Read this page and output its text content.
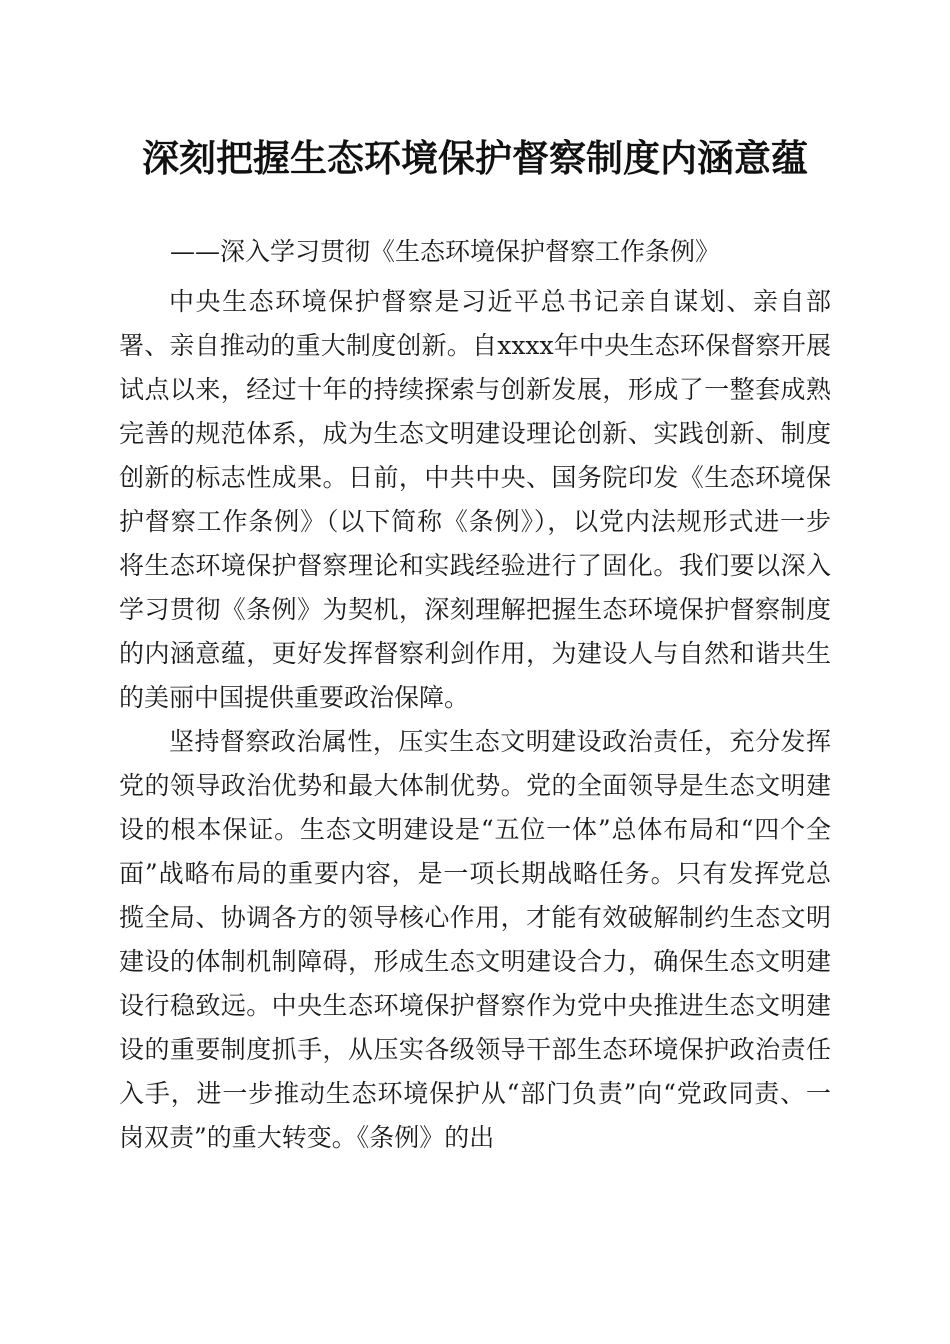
深刻把握生态环境保护督察制度内涵意蕴

——深入学习贯彻《生态环境保护督察工作条例》

中央生态环境保护督察是习近平总书记亲自谋划、亲自部署、亲自推动的重大制度创新。自xxxx年中央生态环保督察开展试点以来，经过十年的持续探索与创新发展，形成了一整套成熟完善的规范体系，成为生态文明建设理论创新、实践创新、制度创新的标志性成果。日前，中共中央、国务院印发《生态环境保护督察工作条例》（以下简称《条例》），以党内法规形式进一步将生态环境保护督察理论和实践经验进行了固化。我们要以深入学习贯彻《条例》为契机，深刻理解把握生态环境保护督察制度的内涵意蕴，更好发挥督察利剑作用，为建设人与自然和谐共生的美丽中国提供重要政治保障。

坚持督察政治属性，压实生态文明建设政治责任，充分发挥党的领导政治优势和最大体制优势。党的全面领导是生态文明建设的根本保证。生态文明建设是“五位一体”总体布局和“四个全面”战略布局的重要内容，是一项长期战略任务。只有发挥党总揽全局、协调各方的领导核心作用，才能有效破解制约生态文明建设的体制机制障碍，形成生态文明建设合力，确保生态文明建设行稳致远。中央生态环境保护督察作为党中央推进生态文明建设的重要制度抓手，从压实各级领导干部生态环境保护政治责任入手，进一步推动生态环境保护从“部门负责”向“党政同责、一岗双责”的重大转变。《条例》的出
